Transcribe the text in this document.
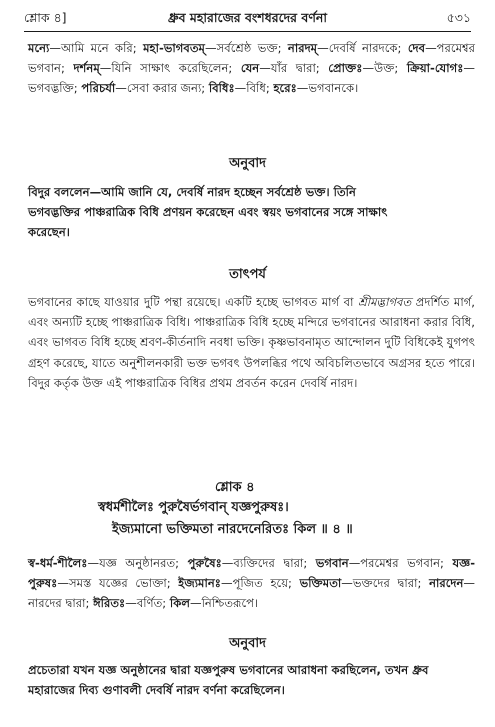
শ্লোক ৪]	ধ্রুব মহারাজের বংশধরদের বর্ণনা	৫৩১

মন্যে—আমি মনে করি; মহা-ভাগবতম্—সর্বশ্রেষ্ঠ ভক্ত; নারদম্—দেবর্ষি নারদকে; দেব—পরমেশ্বর ভগবান; দর্শনম্—যিনি সাক্ষাৎ করেছিলেন; যেন—যাঁর দ্বারা; প্রোক্তঃ—উক্ত; ক্রিয়া-যোগঃ—ভগবদ্ভক্তি; পরিচর্যা—সেবা করার জন্য; বিধিঃ—বিধি; হরেঃ—ভগবানকে।

অনুবাদ
বিদুর বললেন—আমি জানি যে, দেবর্ষি নারদ হচ্ছেন সর্বশ্রেষ্ঠ ভক্ত। তিনি
ভগবদ্ভক্তির পাঞ্চরাত্রিক বিধি প্রণয়ন করেছেন এবং স্বয়ং ভগবানের সঙ্গে সাক্ষাৎ
করেছেন।
তাৎপর্য

ভগবানের কাছে যাওয়ার দুটি পন্থা রয়েছে। একটি হচ্ছে ভাগবত মার্গ বা শ্রীমদ্ভাগবত প্রদর্শিত মার্গ, এবং অন্যটি হচ্ছে পাঞ্চরাত্রিক বিধি। পাঞ্চরাত্রিক বিধি হচ্ছে মন্দিরে ভগবানের আরাধনা করার বিধি, এবং ভাগবত বিধি হচ্ছে শ্রবণ-কীর্তনাদি নবধা ভক্তি। কৃষ্ণভাবনামৃত আন্দোলন দুটি বিধিকেই যুগপৎ গ্রহণ করেছে, যাতে অনুশীলনকারী ভক্ত ভগবৎ উপলব্ধির পথে অবিচলিতভাবে অগ্রসর হতে পারে। বিদুর কর্তৃক উক্ত এই পাঞ্চরাত্রিক বিধির প্রথম প্রবর্তন করেন দেবর্ষি নারদ।

শ্লোক ৪
স্বধর্মশীলৈঃ পুরুষৈর্ভগবান্ যজ্ঞপুরুষঃ।
ইজ্যমানো ভক্তিমতা নারদেনেরিতঃ কিল ॥ ৪ ॥

স্ব-ধর্ম-শীলৈঃ—যজ্ঞ অনুষ্ঠানরত; পুরুষৈঃ—ব্যক্তিদের দ্বারা; ভগবান—পরমেশ্বর ভগবান; যজ্ঞ-পুরুষঃ—সমস্ত যজ্ঞের ভোক্তা; ইজ্যমানঃ—পূজিত হয়ে; ভক্তিমতা—ভক্তদের দ্বারা; নারদেন—নারদের দ্বারা; ঈরিতঃ—বর্ণিত; কিল—নিশ্চিতরূপে।

অনুবাদ
প্রচেতারা যখন যজ্ঞ অনুষ্ঠানের দ্বারা যজ্ঞপুরুষ ভগবানের আরাধনা করছিলেন, তখন ধ্রুব মহারাজের দিব্য গুণাবলী দেবর্ষি নারদ বর্ণনা করেছিলেন।
